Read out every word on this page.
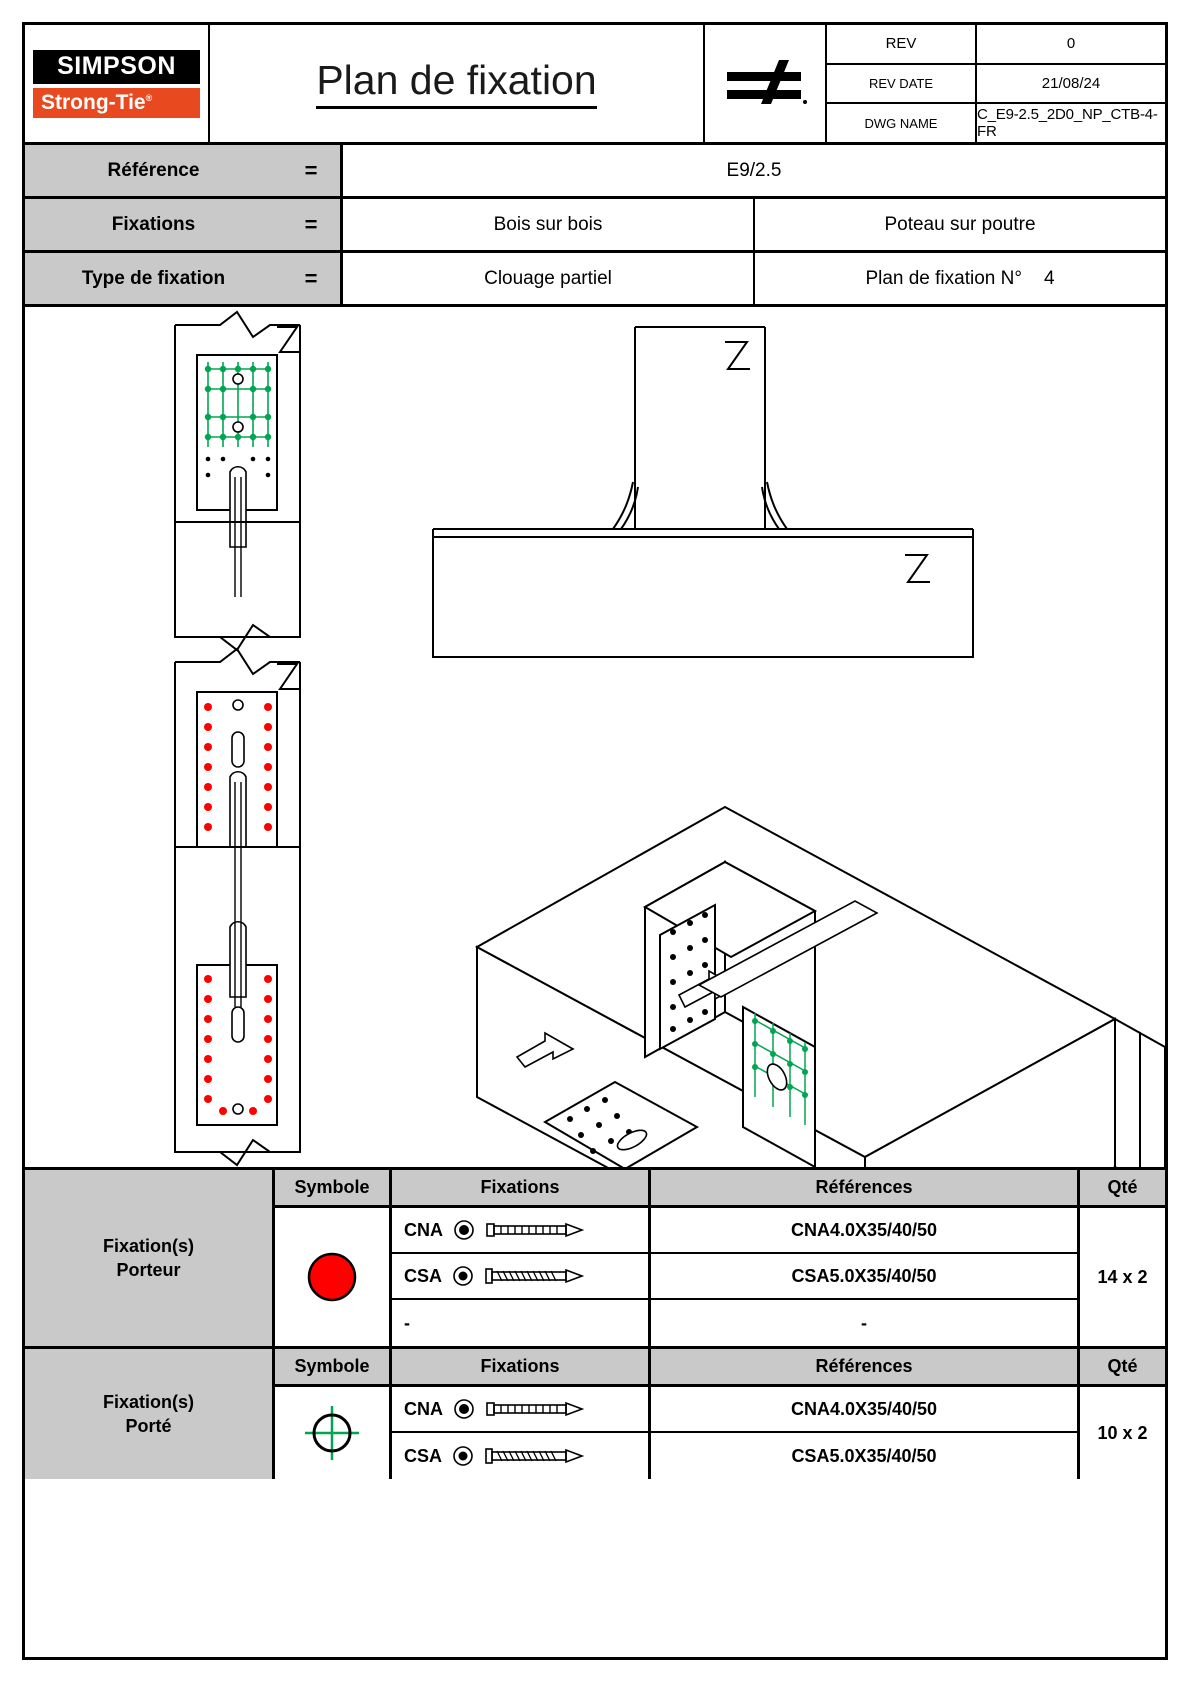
SIMPSON
Strong-Tie®	Plan de fixation
REV	0
REV DATE	21/08/24
DWG NAME	C_E9-2.5_2D0_NP_CTB-4-FR
Référence	=	E9/2.5
Fixations	=	Bois sur bois	Poteau sur poutre
Type de fixation	=	Clouage partiel	Plan de fixation N° 4
Fixation(s)
Porteur
Symbole	Fixations	Références	Qté
CNA	CNA4.0X35/40/50
CSA	CSA5.0X35/40/50
-	-
14 x 2
Fixation(s)
Porté
Symbole	Fixations	Références	Qté
CNA	CNA4.0X35/40/50
CSA	CSA5.0X35/40/50
10 x 2
